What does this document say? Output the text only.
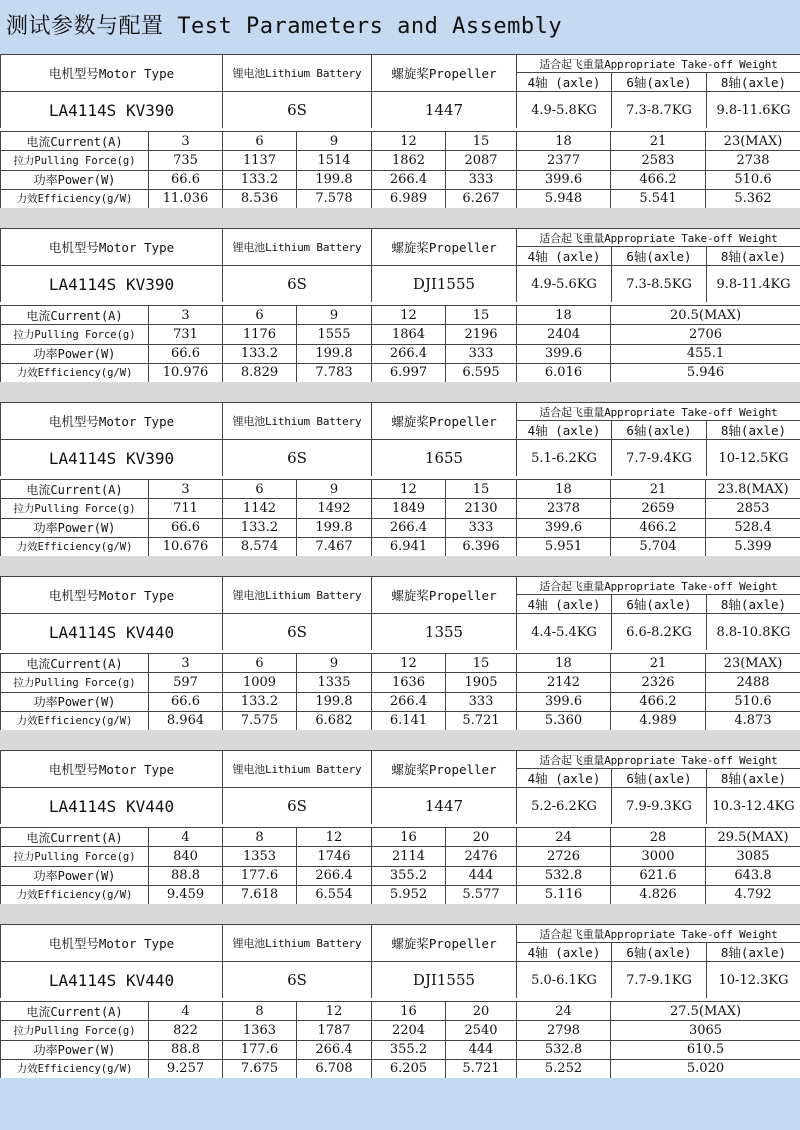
测试参数与配置 Test Parameters and Assembly
电机型号Motor Type	锂电池Lithium Battery	螺旋桨Propeller	适合起飞重量Appropriate Take-off Weight		
			4轴 (axle)	6轴(axle)	8轴(axle)
LA4114S KV390	6S	1447	4.9-5.8KG	7.3-8.7KG	9.8-11.6KG
电流Current(A)	3	6	9	12	15	18	21	23(MAX)
拉力Pulling Force(g)	735	1137	1514	1862	2087	2377	2583	2738
功率Power(W)	66.6	133.2	199.8	266.4	333	399.6	466.2	510.6
力效Efficiency(g/W)	11.036	8.536	7.578	6.989	6.267	5.948	5.541	5.362
电机型号Motor Type	锂电池Lithium Battery	螺旋桨Propeller	适合起飞重量Appropriate Take-off Weight		
			4轴 (axle)	6轴(axle)	8轴(axle)
LA4114S KV390	6S	DJI1555	4.9-5.6KG	7.3-8.5KG	9.8-11.4KG
电流Current(A)	3	6	9	12	15	18	20.5(MAX)
拉力Pulling Force(g)	731	1176	1555	1864	2196	2404	2706
功率Power(W)	66.6	133.2	199.8	266.4	333	399.6	455.1
力效Efficiency(g/W)	10.976	8.829	7.783	6.997	6.595	6.016	5.946
电机型号Motor Type	锂电池Lithium Battery	螺旋桨Propeller	适合起飞重量Appropriate Take-off Weight		
			4轴 (axle)	6轴(axle)	8轴(axle)
LA4114S KV390	6S	1655	5.1-6.2KG	7.7-9.4KG	10-12.5KG
电流Current(A)	3	6	9	12	15	18	21	23.8(MAX)
拉力Pulling Force(g)	711	1142	1492	1849	2130	2378	2659	2853
功率Power(W)	66.6	133.2	199.8	266.4	333	399.6	466.2	528.4
力效Efficiency(g/W)	10.676	8.574	7.467	6.941	6.396	5.951	5.704	5.399
电机型号Motor Type	锂电池Lithium Battery	螺旋桨Propeller	适合起飞重量Appropriate Take-off Weight		
			4轴 (axle)	6轴(axle)	8轴(axle)
LA4114S KV440	6S	1355	4.4-5.4KG	6.6-8.2KG	8.8-10.8KG
电流Current(A)	3	6	9	12	15	18	21	23(MAX)
拉力Pulling Force(g)	597	1009	1335	1636	1905	2142	2326	2488
功率Power(W)	66.6	133.2	199.8	266.4	333	399.6	466.2	510.6
力效Efficiency(g/W)	8.964	7.575	6.682	6.141	5.721	5.360	4.989	4.873
电机型号Motor Type	锂电池Lithium Battery	螺旋桨Propeller	适合起飞重量Appropriate Take-off Weight		
			4轴 (axle)	6轴(axle)	8轴(axle)
LA4114S KV440	6S	1447	5.2-6.2KG	7.9-9.3KG	10.3-12.4KG
电流Current(A)	4	8	12	16	20	24	28	29.5(MAX)
拉力Pulling Force(g)	840	1353	1746	2114	2476	2726	3000	3085
功率Power(W)	88.8	177.6	266.4	355.2	444	532.8	621.6	643.8
力效Efficiency(g/W)	9.459	7.618	6.554	5.952	5.577	5.116	4.826	4.792
电机型号Motor Type	锂电池Lithium Battery	螺旋桨Propeller	适合起飞重量Appropriate Take-off Weight		
			4轴 (axle)	6轴(axle)	8轴(axle)
LA4114S KV440	6S	DJI1555	5.0-6.1KG	7.7-9.1KG	10-12.3KG
电流Current(A)	4	8	12	16	20	24	27.5(MAX)
拉力Pulling Force(g)	822	1363	1787	2204	2540	2798	3065
功率Power(W)	88.8	177.6	266.4	355.2	444	532.8	610.5
力效Efficiency(g/W)	9.257	7.675	6.708	6.205	5.721	5.252	5.020
